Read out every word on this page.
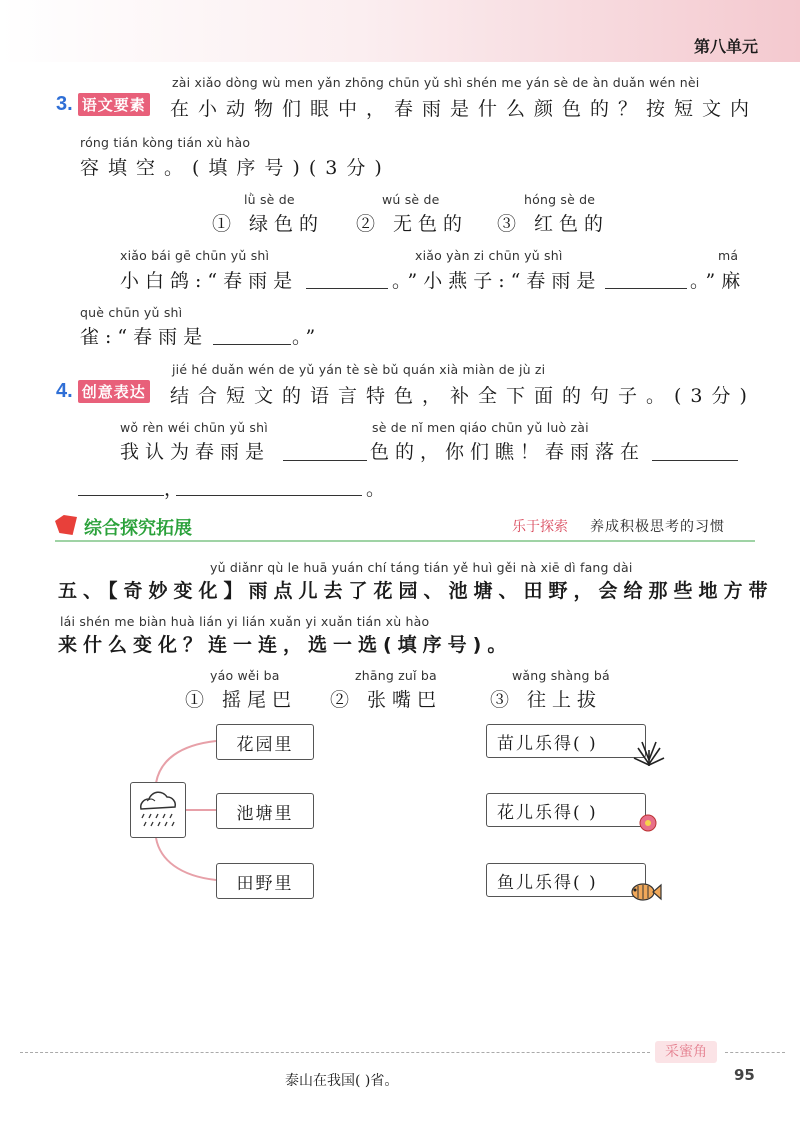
第八单元
zài xiǎo dòng wù men yǎn zhōng chūn yǔ shì shén me yán sè de àn duǎn wén nèi
3. 语文要素 在小动物们眼中，春雨是什么颜色的？按短文内
róng tián kòng tián xù hào
容填空。(填序号)(3分)
lǜ sè de	wú sè de	hóng sè de
① 绿色的 ② 无色的 ③ 红色的
xiǎo bái gē chūn yǔ shì	xiǎo yàn zi chūn yǔ shì	má
小白鸽:“春雨是	。”小燕子:“春雨是	。”麻
què chūn yǔ shì
雀:“春雨是	。”
jié hé duǎn wén de yǔ yán tè sè bǔ quán xià miàn de jù zi
4. 创意表达 结合短文的语言特色，补全下面的句子。(3分)
wǒ rèn wéi chūn yǔ shì	sè de nǐ men qiáo chūn yǔ luò zài
我认为春雨是	色的，你们瞧！春雨落在
，	。
综合探究拓展	乐于探索 养成积极思考的习惯
yǔ diǎnr qù le huā yuán chí táng tián yě huì gěi nà xiē dì fang dài
五、【奇妙变化】雨点儿去了花园、池塘、田野，会给那些地方带
lái shén me biàn huà lián yi lián xuǎn yi xuǎn tián xù hào
来什么变化？连一连，选一选(填序号)。
yáo wěi ba	zhāng zuǐ ba	wǎng shàng bá
① 摇尾巴 ② 张嘴巴	③ 往上拔
花园里
池塘里
田野里
苗儿乐得( )
花儿乐得( )
鱼儿乐得( )
采蜜角
泰山在我国( )省。	95
